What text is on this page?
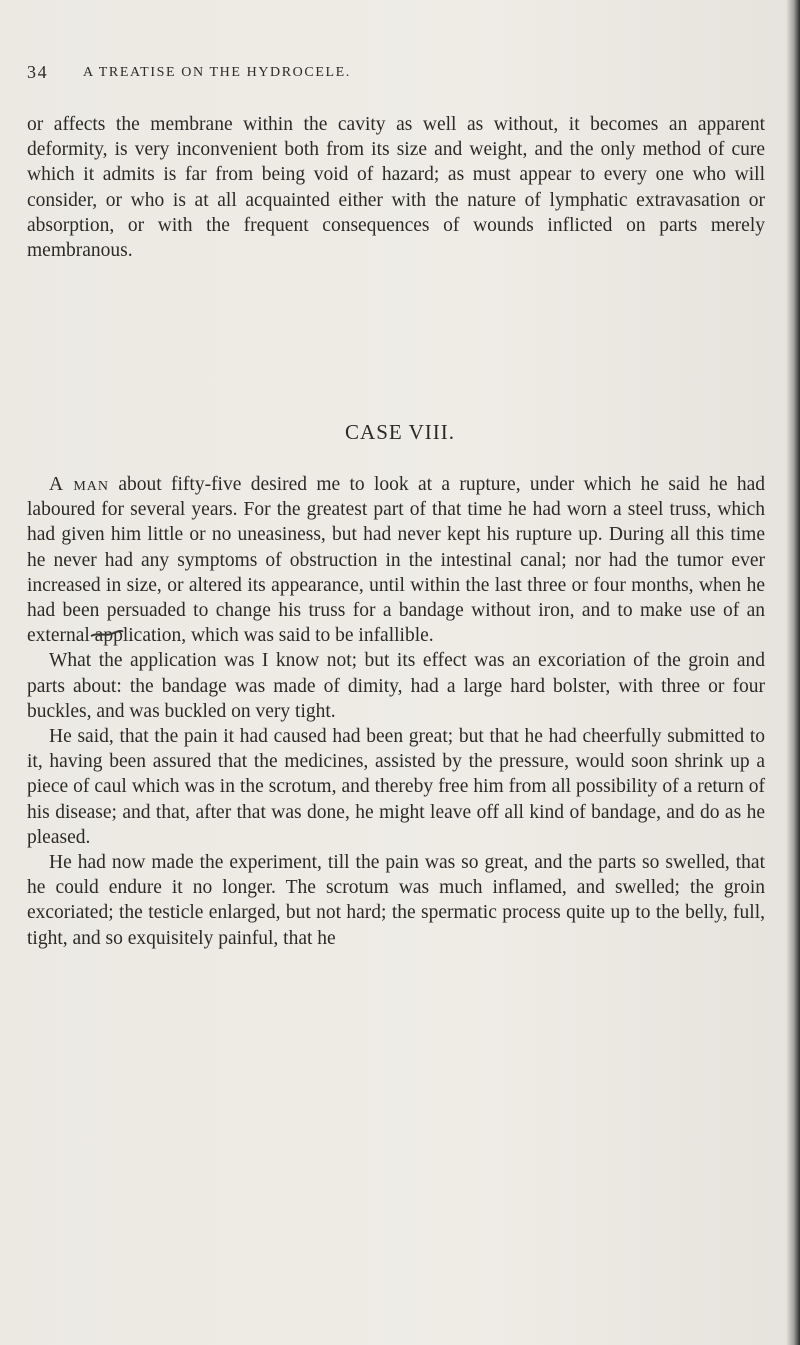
34 A TREATISE ON THE HYDROCELE.

or affects the membrane within the cavity as well as without, it becomes an apparent deformity, is very inconvenient both from its size and weight, and the only method of cure which it admits is far from being void of hazard; as must appear to every one who will consider, or who is at all acquainted either with the nature of lymphatic extravasation or absorption, or with the frequent consequences of wounds inflicted on parts merely membranous.

CASE VIII.

A man about fifty-five desired me to look at a rupture, under which he said he had laboured for several years. For the greatest part of that time he had worn a steel truss, which had given him little or no uneasiness, but had never kept his rupture up. During all this time he never had any symptoms of obstruction in the intestinal canal; nor had the tumor ever increased in size, or altered its appearance, until within the last three or four months, when he had been persuaded to change his truss for a bandage without iron, and to make use of an external application, which was said to be infallible.

What the application was I know not; but its effect was an excoriation of the groin and parts about: the bandage was made of dimity, had a large hard bolster, with three or four buckles, and was buckled on very tight.

He said, that the pain it had caused had been great; but that he had cheerfully submitted to it, having been assured that the medicines, assisted by the pressure, would soon shrink up a piece of caul which was in the scrotum, and thereby free him from all possibility of a return of his disease; and that, after that was done, he might leave off all kind of bandage, and do as he pleased.

He had now made the experiment, till the pain was so great, and the parts so swelled, that he could endure it no longer. The scrotum was much inflamed, and swelled; the groin excoriated; the testicle enlarged, but not hard; the spermatic process quite up to the belly, full, tight, and so exquisitely painful, that he
